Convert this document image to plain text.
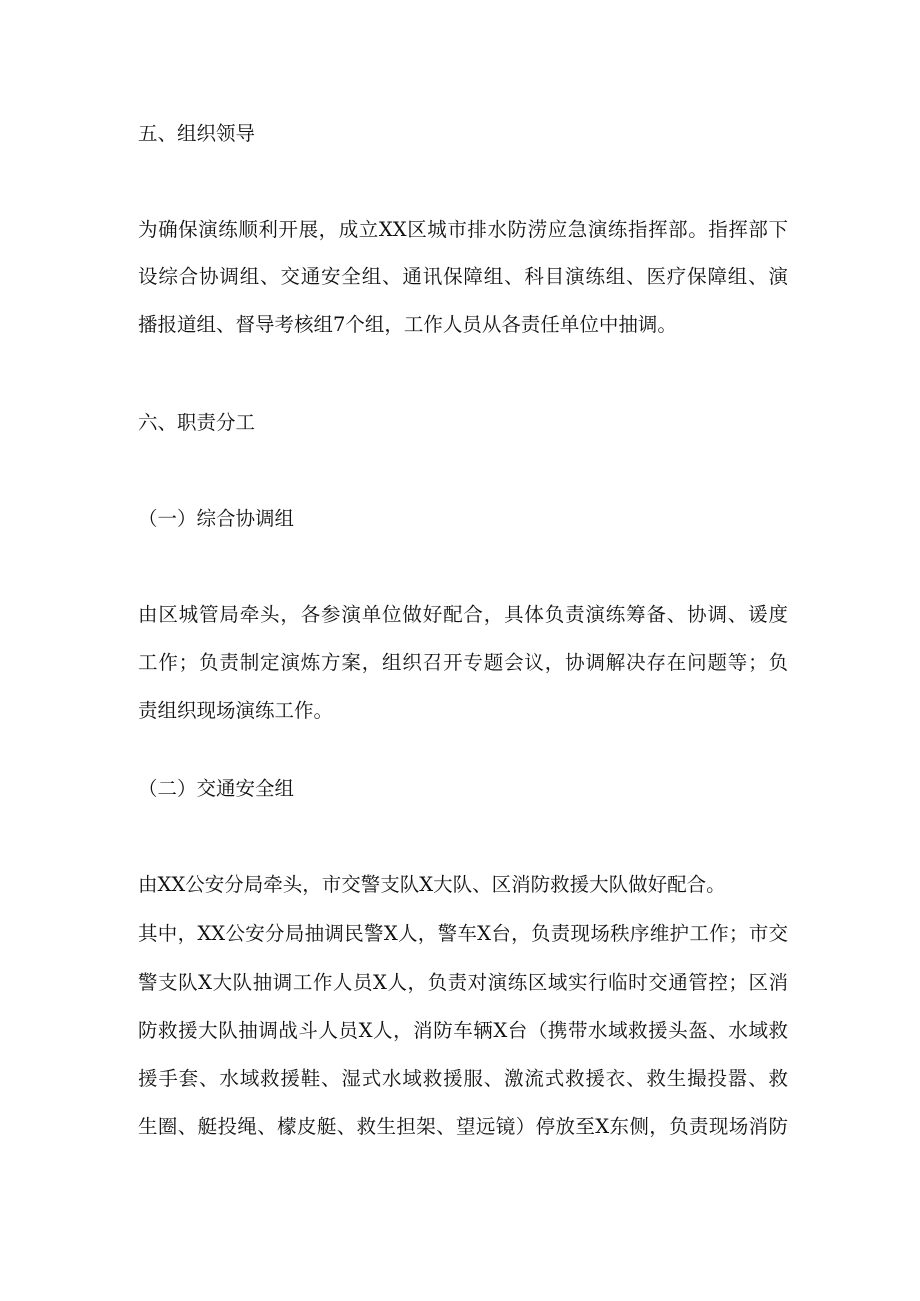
五、组织领导
为确保演练顺利开展，成立XX区城市排水防涝应急演练指挥部。指挥部下
设综合协调组、交通安全组、通讯保障组、科目演练组、医疗保障组、演
播报道组、督导考核组7个组，工作人员从各责任单位中抽调。
六、职责分工
（一）综合协调组
由区城管局牵头，各参演单位做好配合，具体负责演练筹备、协调、谖度
工作；负责制定演炼方案，组织召开专题会议，协调解决存在问题等；负
责组织现场演练工作。
（二）交通安全组
由XX公安分局牵头，市交警支队X大队、区消防救援大队做好配合。
其中，XX公安分局抽调民警X人，警车X台，负责现场秩序维护工作；市交
警支队X大队抽调工作人员X人，负责对演练区域实行临时交通管控；区消
防救援大队抽调战斗人员X人，消防车辆X台（携带水域救援头盔、水域救
援手套、水域救援鞋、湿式水域救援服、激流式救援衣、救生撮投嚣、救
生圈、艇投绳、檬皮艇、救生担架、望远镜）停放至X东侧，负责现场消防
